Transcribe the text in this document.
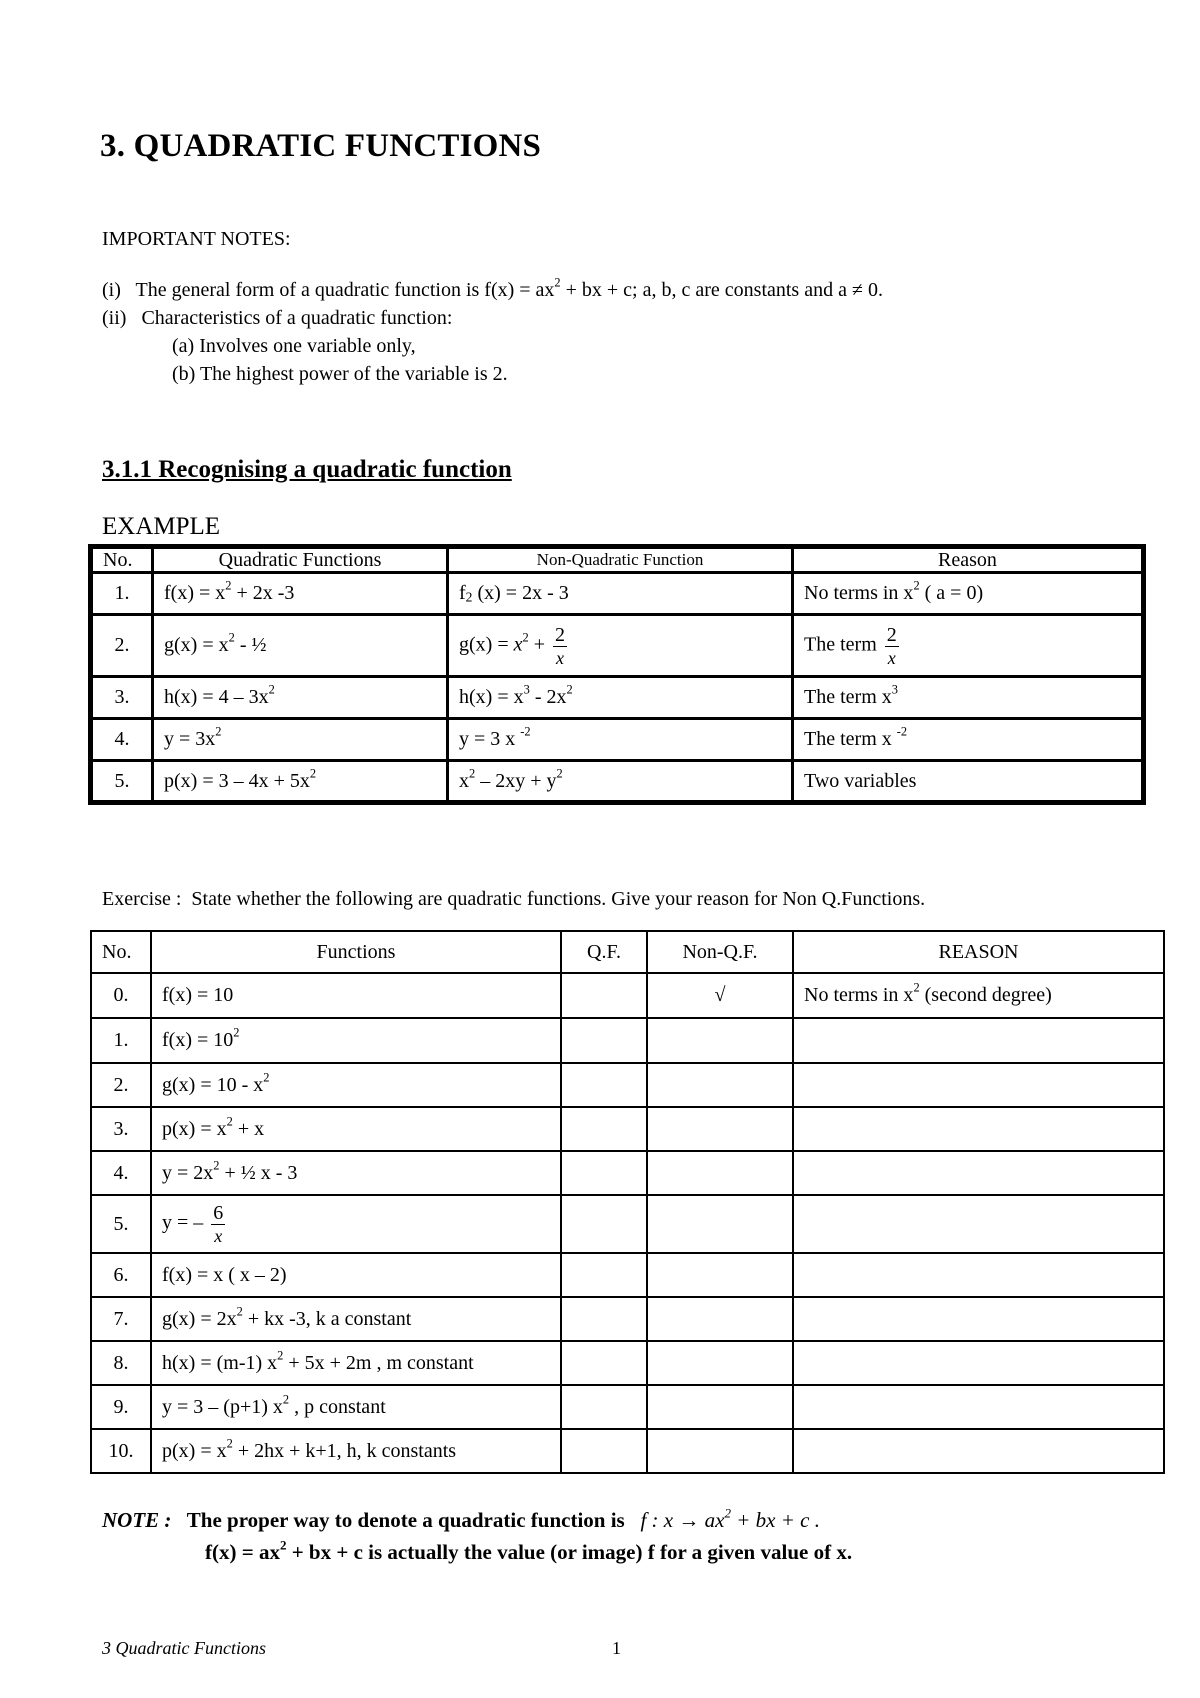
3. QUADRATIC FUNCTIONS
IMPORTANT NOTES:
(i) The general form of a quadratic function is $f(x) = ax^2$ + bx + c; a, b, c are constants and a ≠ 0.
(ii) Characteristics of a quadratic function:
(a) Involves one variable only,
(b) The highest power of the variable is 2.
3.1.1 Recognising a quadratic function
EXAMPLE
No.	Quadratic Functions	Non-Quadratic Function	Reason
1.	$f(x) = x^2 + 2x$ -3	$f_2$ (x) = 2x - 3	No terms in $x^2$ ( a = 0)
2.	$g(x) = x^2$ - ½	$g(x) = x^2 + \frac{2}{x}$	The term $\frac{2}{x}$

3.	$h(x) = 4 - 3x^2$	$h(x) = x^3 - 2x^2$	The term $x^3$
4.	$y = 3x^2$	y = 3 x $^{-2}$	The term x $^{-2}$
5.	$p(x) = 3 - 4x + 5x^2$	$x^2 - 2xy + y^2$	Two variables
Exercise : State whether the following are quadratic functions. Give your reason for Non Q.Functions.
No.	Functions	Q.F.	Non-Q.F.	REASON
0.	f(x) = 10		√	No terms in $x^2$ (second degree)
1.	$f(x) = 10^2$			
2.	$g(x) = 10 - x^2$			
3.	$p(x) = x^2 + x$			
4.	$y = 2x^2$ + ½ x - 3			
5.	y = – $\frac{6}{x}$

6.	f(x) = x ( x – 2)			
7.	$g(x) = 2x^2$ + kx -3, k a constant			
8.	h(x) = (m-1) $x^2 + 5x + 2m$ , m constant			
9.	y = 3 – (p+1) $x^2$ , p constant			
10.	$p(x) = x^2 + 2hx + k+1$, h, k constants			
NOTE : The proper way to denote a quadratic function is f : $x \to ax^2$ + bx + c .
$f(x) = ax^2$ + bx + c is actually the value (or image) f for a given value of x.
3 Quadratic Functions	1
